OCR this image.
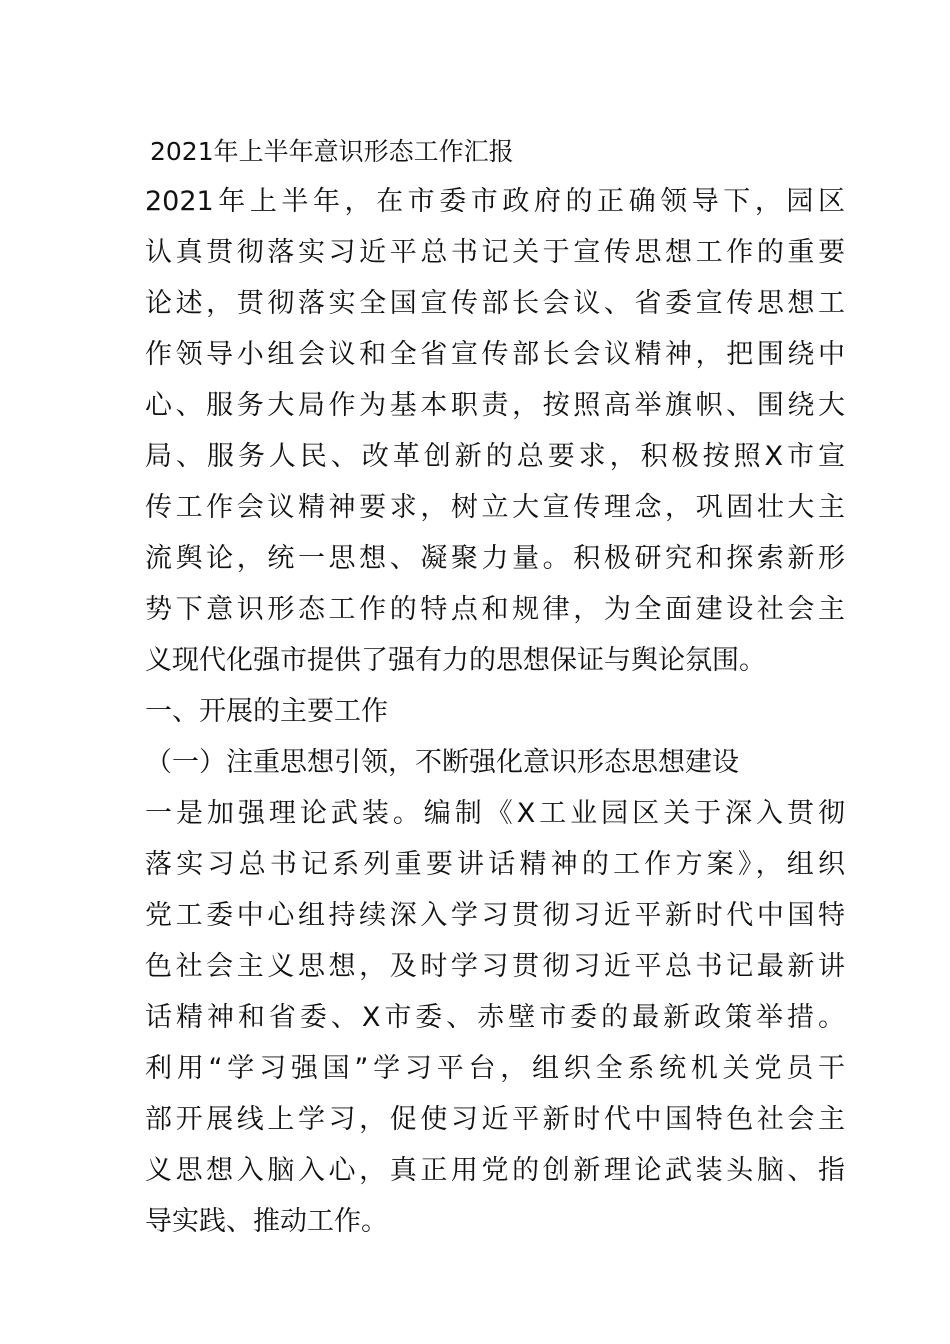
2021年上半年意识形态工作汇报
2021年上半年，在市委市政府的正确领导下，园区
认真贯彻落实习近平总书记关于宣传思想工作的重要
论述，贯彻落实全国宣传部长会议、省委宣传思想工
作领导小组会议和全省宣传部长会议精神，把围绕中
心、服务大局作为基本职责，按照高举旗帜、围绕大
局、服务人民、改革创新的总要求，积极按照X市宣
传工作会议精神要求，树立大宣传理念，巩固壮大主
流舆论，统一思想、凝聚力量。积极研究和探索新形
势下意识形态工作的特点和规律，为全面建设社会主
义现代化强市提供了强有力的思想保证与舆论氛围。
一、开展的主要工作
（一）注重思想引领，不断强化意识形态思想建设
一是加强理论武装。编制《X工业园区关于深入贯彻
落实习总书记系列重要讲话精神的工作方案》，组织
党工委中心组持续深入学习贯彻习近平新时代中国特
色社会主义思想，及时学习贯彻习近平总书记最新讲
话精神和省委、X市委、赤壁市委的最新政策举措。
利用“学习强国”学习平台，组织全系统机关党员干
部开展线上学习，促使习近平新时代中国特色社会主
义思想入脑入心，真正用党的创新理论武装头脑、指
导实践、推动工作。
